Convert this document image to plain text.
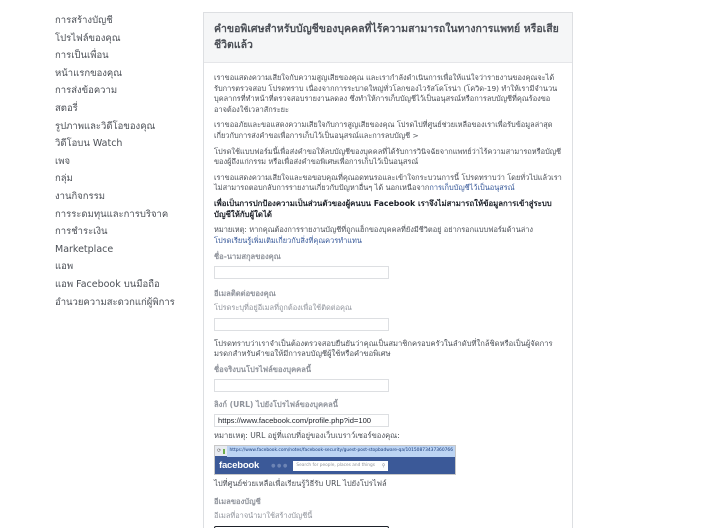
การสร้างบัญชี
โปรไฟล์ของคุณ
การเป็นเพื่อน
หน้าแรกของคุณ
การส่งข้อความ
สตอรี่
รูปภาพและวิดีโอของคุณ
วิดีโอบน Watch
เพจ
กลุ่ม
งานกิจกรรม
การระดมทุนและการบริจาค
การชำระเงิน
Marketplace
แอพ
แอพ Facebook บนมือถือ
อำนวยความสะดวกแก่ผู้พิการ
คำขอพิเศษสำหรับบัญชีของบุคคลที่ไร้ความสามารถในทางการแพทย์ หรือเสียชีวิตแล้ว

เราขอแสดงความเสียใจกับความสูญเสียของคุณ และเรากำลังดำเนินการเพื่อให้แน่ใจว่ารายงานของคุณจะได้รับการตรวจสอบ โปรดทราบ เนื่องจากการระบาดใหญ่ทั่วโลกของไวรัสโคโรน่า (โควิด-19) ทำให้เรามีจำนวนบุคลากรที่ทำหน้าที่ตรวจสอบรายงานลดลง ซึ่งทำให้การเก็บบัญชีไว้เป็นอนุสรณ์หรือการลบบัญชีที่คุณร้องขออาจต้องใช้เวลาสักระยะ

เราขออภัยและขอแสดงความเสียใจกับการสูญเสียของคุณ โปรดไปที่ศูนย์ช่วยเหลือของเราเพื่อรับข้อมูลล่าสุดเกี่ยวกับการส่งคำขอเพื่อการเก็บไว้เป็นอนุสรณ์และการลบบัญชี >

โปรดใช้แบบฟอร์มนี้เพื่อส่งคำขอให้ลบบัญชีของบุคคลที่ได้รับการวินิจฉัยจากแพทย์ว่าไร้ความสามารถหรือบัญชีของผู้ถึงแก่กรรม หรือเพื่อส่งคำขอพิเศษเพื่อการเก็บไว้เป็นอนุสรณ์

เราขอแสดงความเสียใจและขอขอบคุณที่คุณอดทนรอและเข้าใจกระบวนการนี้ โปรดทราบว่า โดยทั่วไปแล้วเราไม่สามารถตอบกลับการรายงานเกี่ยวกับปัญหาอื่นๆ ได้ นอกเหนือจากการเก็บบัญชีไว้เป็นอนุสรณ์

เพื่อเป็นการปกป้องความเป็นส่วนตัวของผู้คนบน Facebook เราจึงไม่สามารถให้ข้อมูลการเข้าสู่ระบบบัญชีให้กับผู้ใดได้

หมายเหตุ: หากคุณต้องการรายงานบัญชีที่ถูกแฮ็กของบุคคลที่ยังมีชีวิตอยู่ อย่ากรอกแบบฟอร์มด้านล่าง
โปรดเรียนรู้เพิ่มเติมเกี่ยวกับสิ่งที่คุณควรทำแทน

ชื่อ-นามสกุลของคุณ
อีเมลติดต่อของคุณ
โปรดระบุที่อยู่อีเมลที่ถูกต้องเพื่อใช้ติดต่อคุณ

โปรดทราบว่าเราจำเป็นต้องตรวจสอบยืนยันว่าคุณเป็นสมาชิกครอบครัวในลำดับที่ใกล้ชิดหรือเป็นผู้จัดการมรดกสำหรับคำขอให้มีการลบบัญชีผู้ใช้หรือคำขอพิเศษ

ชื่อจริงบนโปรไฟล์ของบุคคลนี้
ลิงก์ (URL) ไปยังโปรไฟล์ของบุคคลนี้
https://www.facebook.com/profile.php?id=100

หมายเหตุ: URL อยู่ที่แถบที่อยู่ของเว็บเบราว์เซอร์ของคุณ:

⟳	https://www.facebook.com/notes/facebook-security/guest-post-stopbadware-qa/10150873437360766
facebook ● ● ●	Search for people, places and things ⚲
ไปที่ศูนย์ช่วยเหลือเพื่อเรียนรู้วิธีรับ URL ไปยังโปรไฟล์
อีเมลของบัญชี
อีเมลที่อาจนำมาใช้สร้างบัญชีนี้
